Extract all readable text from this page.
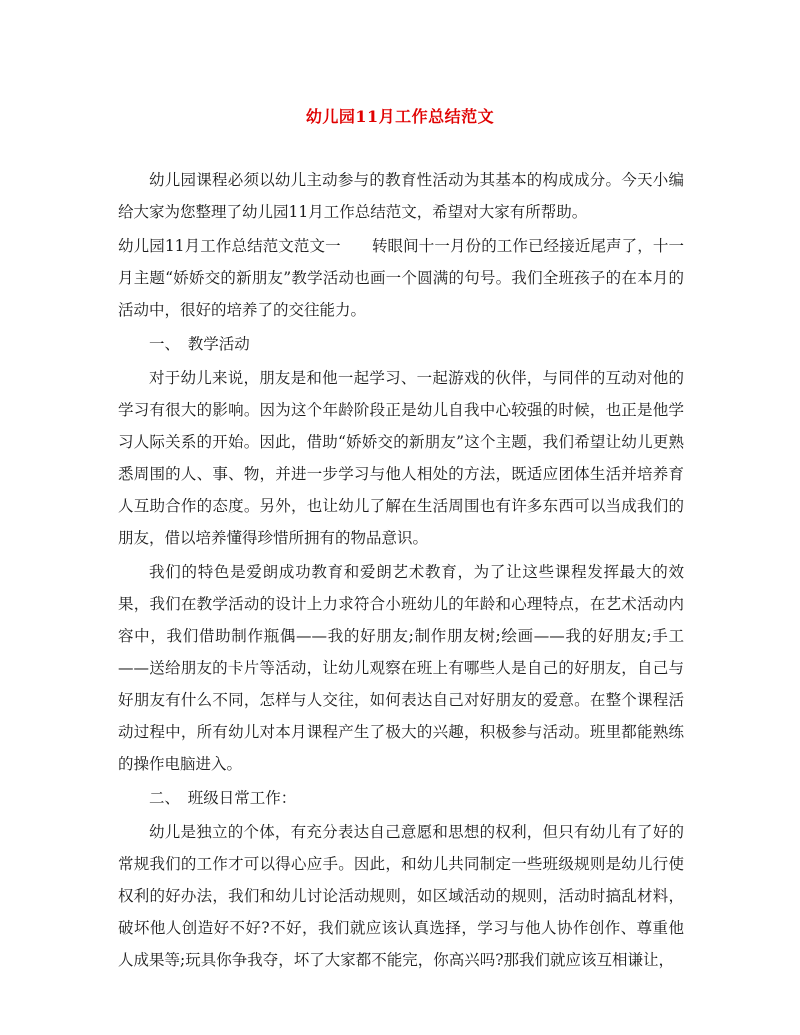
幼儿园11月工作总结范文

幼儿园课程必须以幼儿主动参与的教育性活动为其基本的构成成分。今天小编给大家为您整理了幼儿园11月工作总结范文，希望对大家有所帮助。

幼儿园11月工作总结范文范文一　　转眼间十一月份的工作已经接近尾声了，十一月主题“娇娇交的新朋友”教学活动也画一个圆满的句号。我们全班孩子的在本月的活动中，很好的培养了的交往能力。

一、　教学活动

对于幼儿来说，朋友是和他一起学习、一起游戏的伙伴，与同伴的互动对他的学习有很大的影响。因为这个年龄阶段正是幼儿自我中心较强的时候，也正是他学习人际关系的开始。因此，借助“娇娇交的新朋友”这个主题，我们希望让幼儿更熟悉周围的人、事、物，并进一步学习与他人相处的方法，既适应团体生活并培养育人互助合作的态度。另外，也让幼儿了解在生活周围也有许多东西可以当成我们的朋友，借以培养懂得珍惜所拥有的物品意识。

我们的特色是爱朗成功教育和爱朗艺术教育，为了让这些课程发挥最大的效果，我们在教学活动的设计上力求符合小班幼儿的年龄和心理特点，在艺术活动内容中，我们借助制作瓶偶——我的好朋友;制作朋友树;绘画——我的好朋友;手工——送给朋友的卡片等活动，让幼儿观察在班上有哪些人是自己的好朋友，自己与好朋友有什么不同，怎样与人交往，如何表达自己对好朋友的爱意。在整个课程活动过程中，所有幼儿对本月课程产生了极大的兴趣，积极参与活动。班里都能熟练的操作电脑进入。

二、　班级日常工作：

幼儿是独立的个体，有充分表达自己意愿和思想的权利，但只有幼儿有了好的常规我们的工作才可以得心应手。因此，和幼儿共同制定一些班级规则是幼儿行使权利的好办法，我们和幼儿讨论活动规则，如区域活动的规则，活动时搞乱材料，破坏他人创造好不好?不好，我们就应该认真选择，学习与他人协作创作、尊重他人成果等;玩具你争我夺，坏了大家都不能完，你高兴吗?那我们就应该互相谦让，
